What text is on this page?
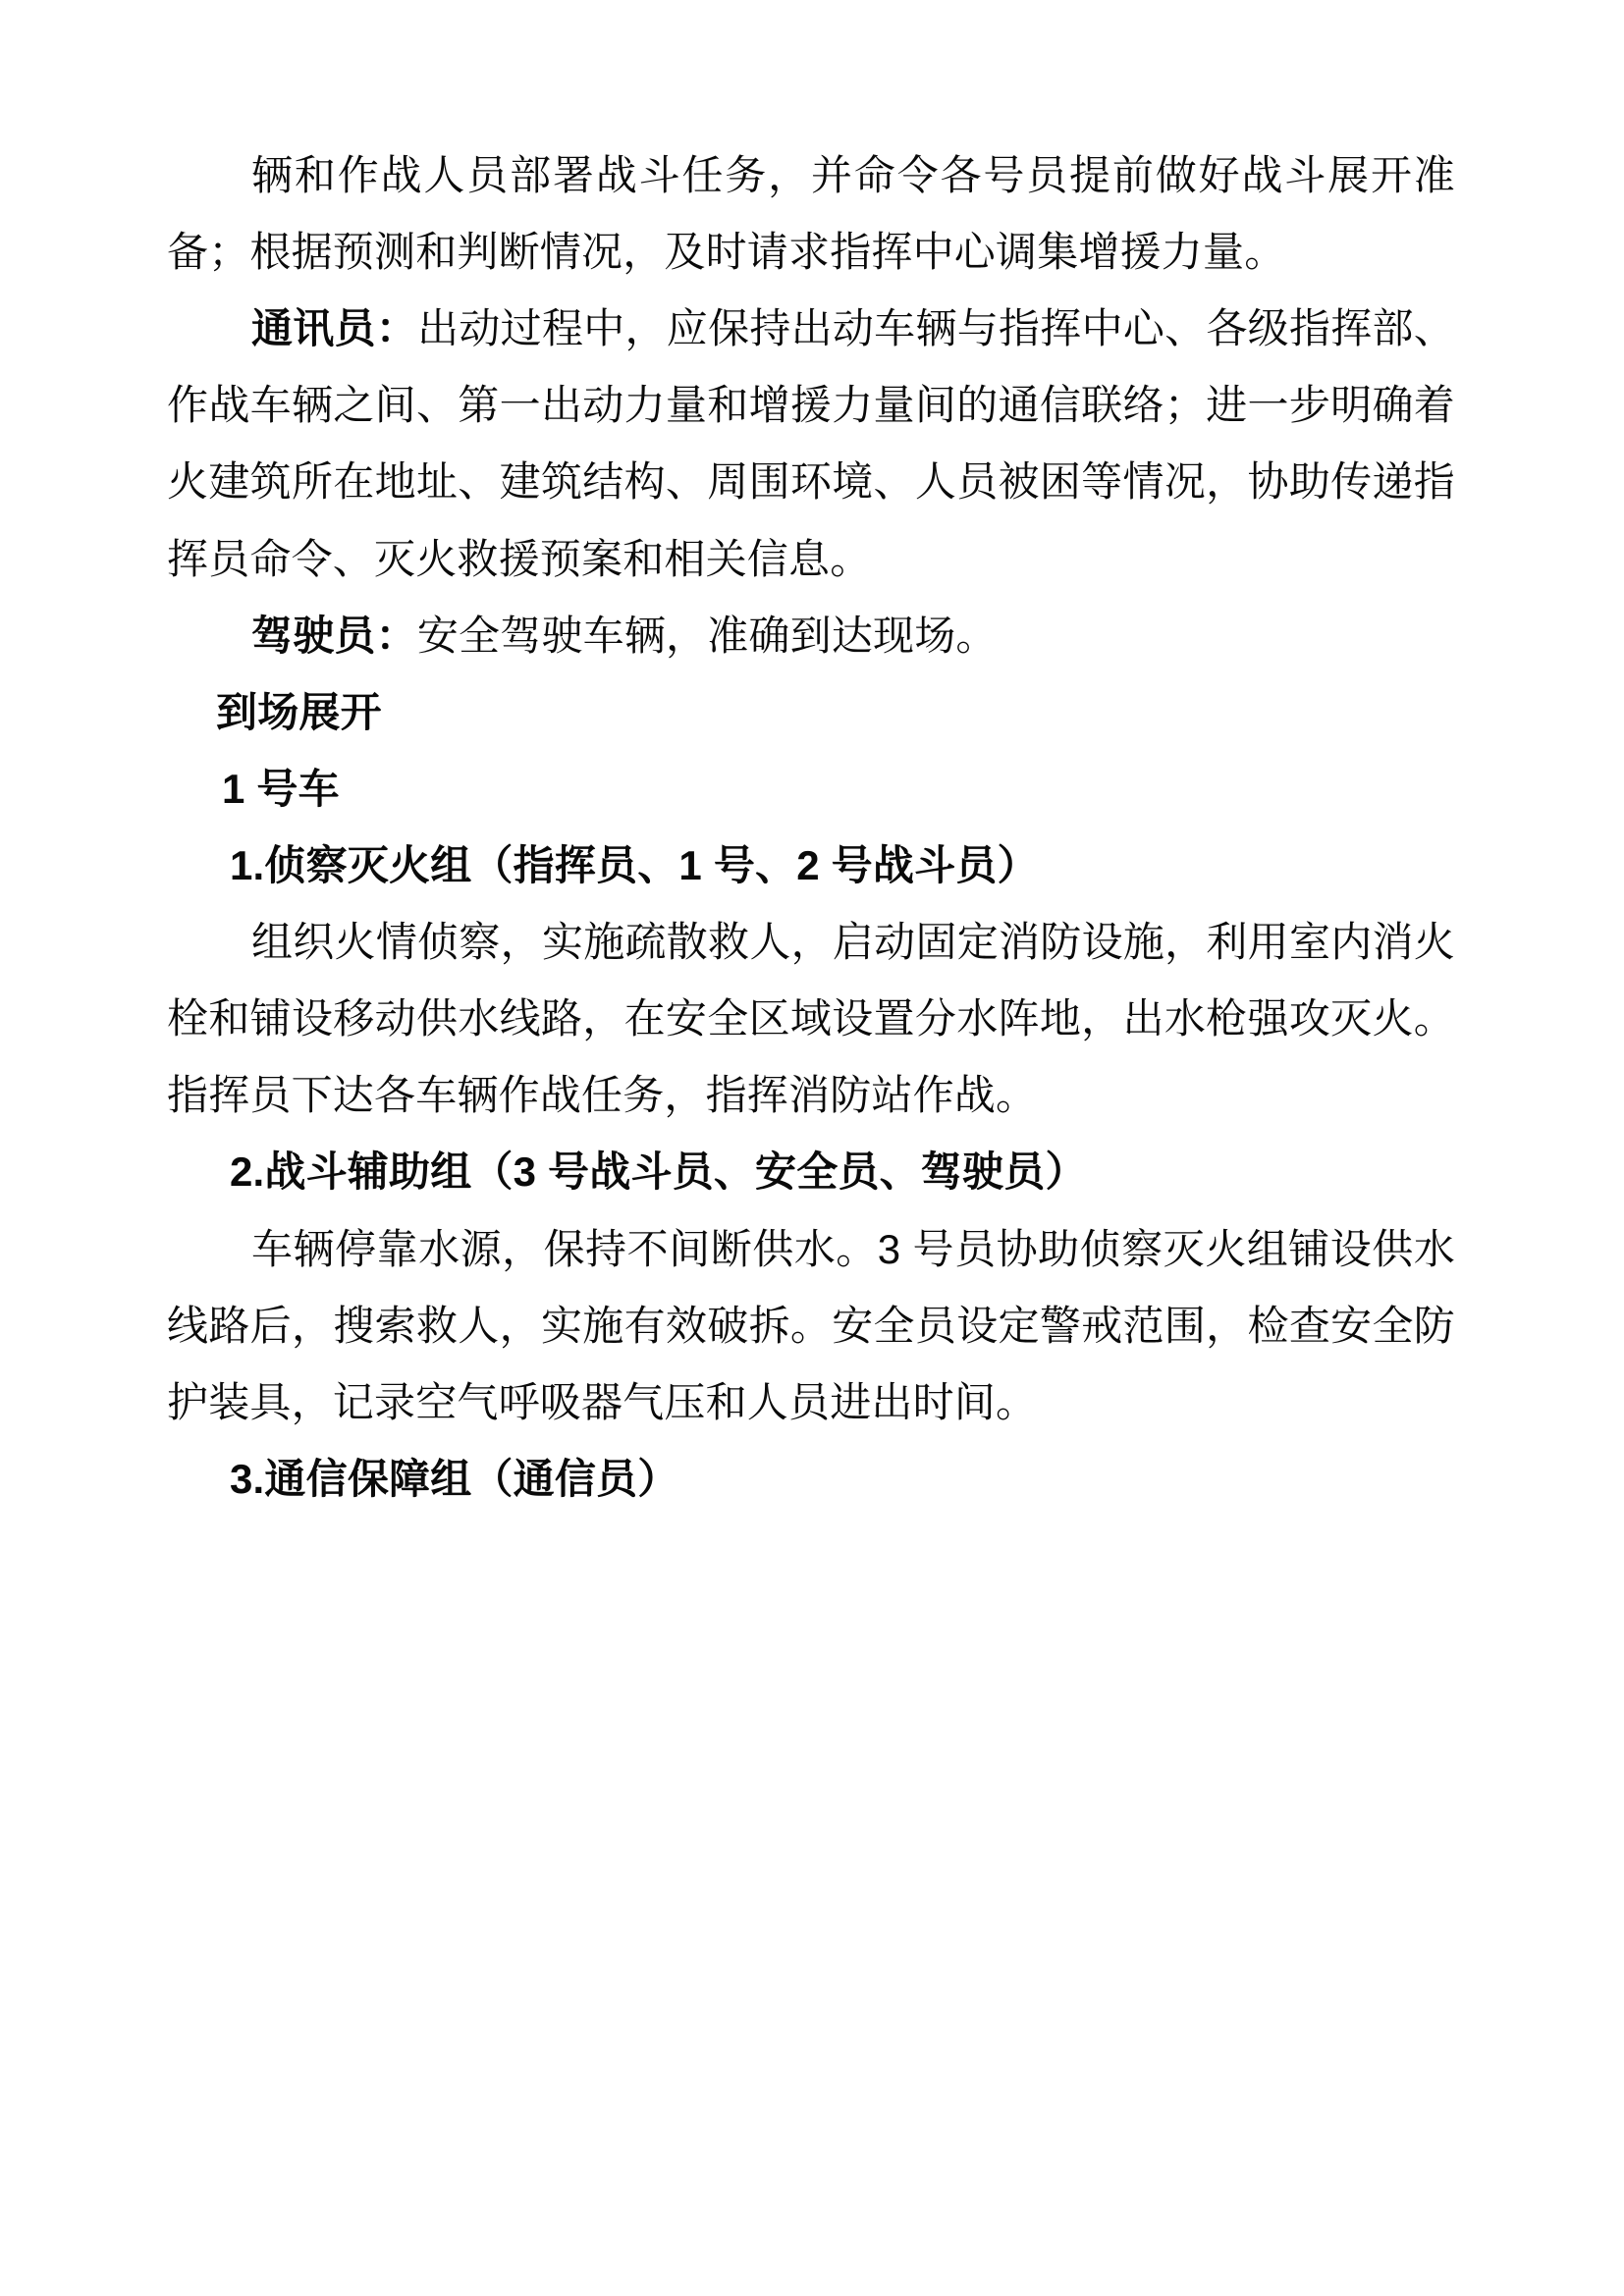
辆和作战人员部署战斗任务，并命令各号员提前做好战斗展开准备；根据预测和判断情况，及时请求指挥中心调集增援力量。

通讯员：出动过程中，应保持出动车辆与指挥中心、各级指挥部、作战车辆之间、第一出动力量和增援力量间的通信联络；进一步明确着火建筑所在地址、建筑结构、周围环境、人员被困等情况，协助传递指挥员命令、灭火救援预案和相关信息。

驾驶员：安全驾驶车辆，准确到达现场。

到场展开

1 号车

1.侦察灭火组（指挥员、1 号、2 号战斗员）

组织火情侦察，实施疏散救人，启动固定消防设施，利用室内消火栓和铺设移动供水线路，在安全区域设置分水阵地，出水枪强攻灭火。指挥员下达各车辆作战任务，指挥消防站作战。

2.战斗辅助组（3 号战斗员、安全员、驾驶员）

车辆停靠水源，保持不间断供水。3 号员协助侦察灭火组铺设供水线路后，搜索救人，实施有效破拆。安全员设定警戒范围，检查安全防护装具，记录空气呼吸器气压和人员进出时间。

3.通信保障组（通信员）
